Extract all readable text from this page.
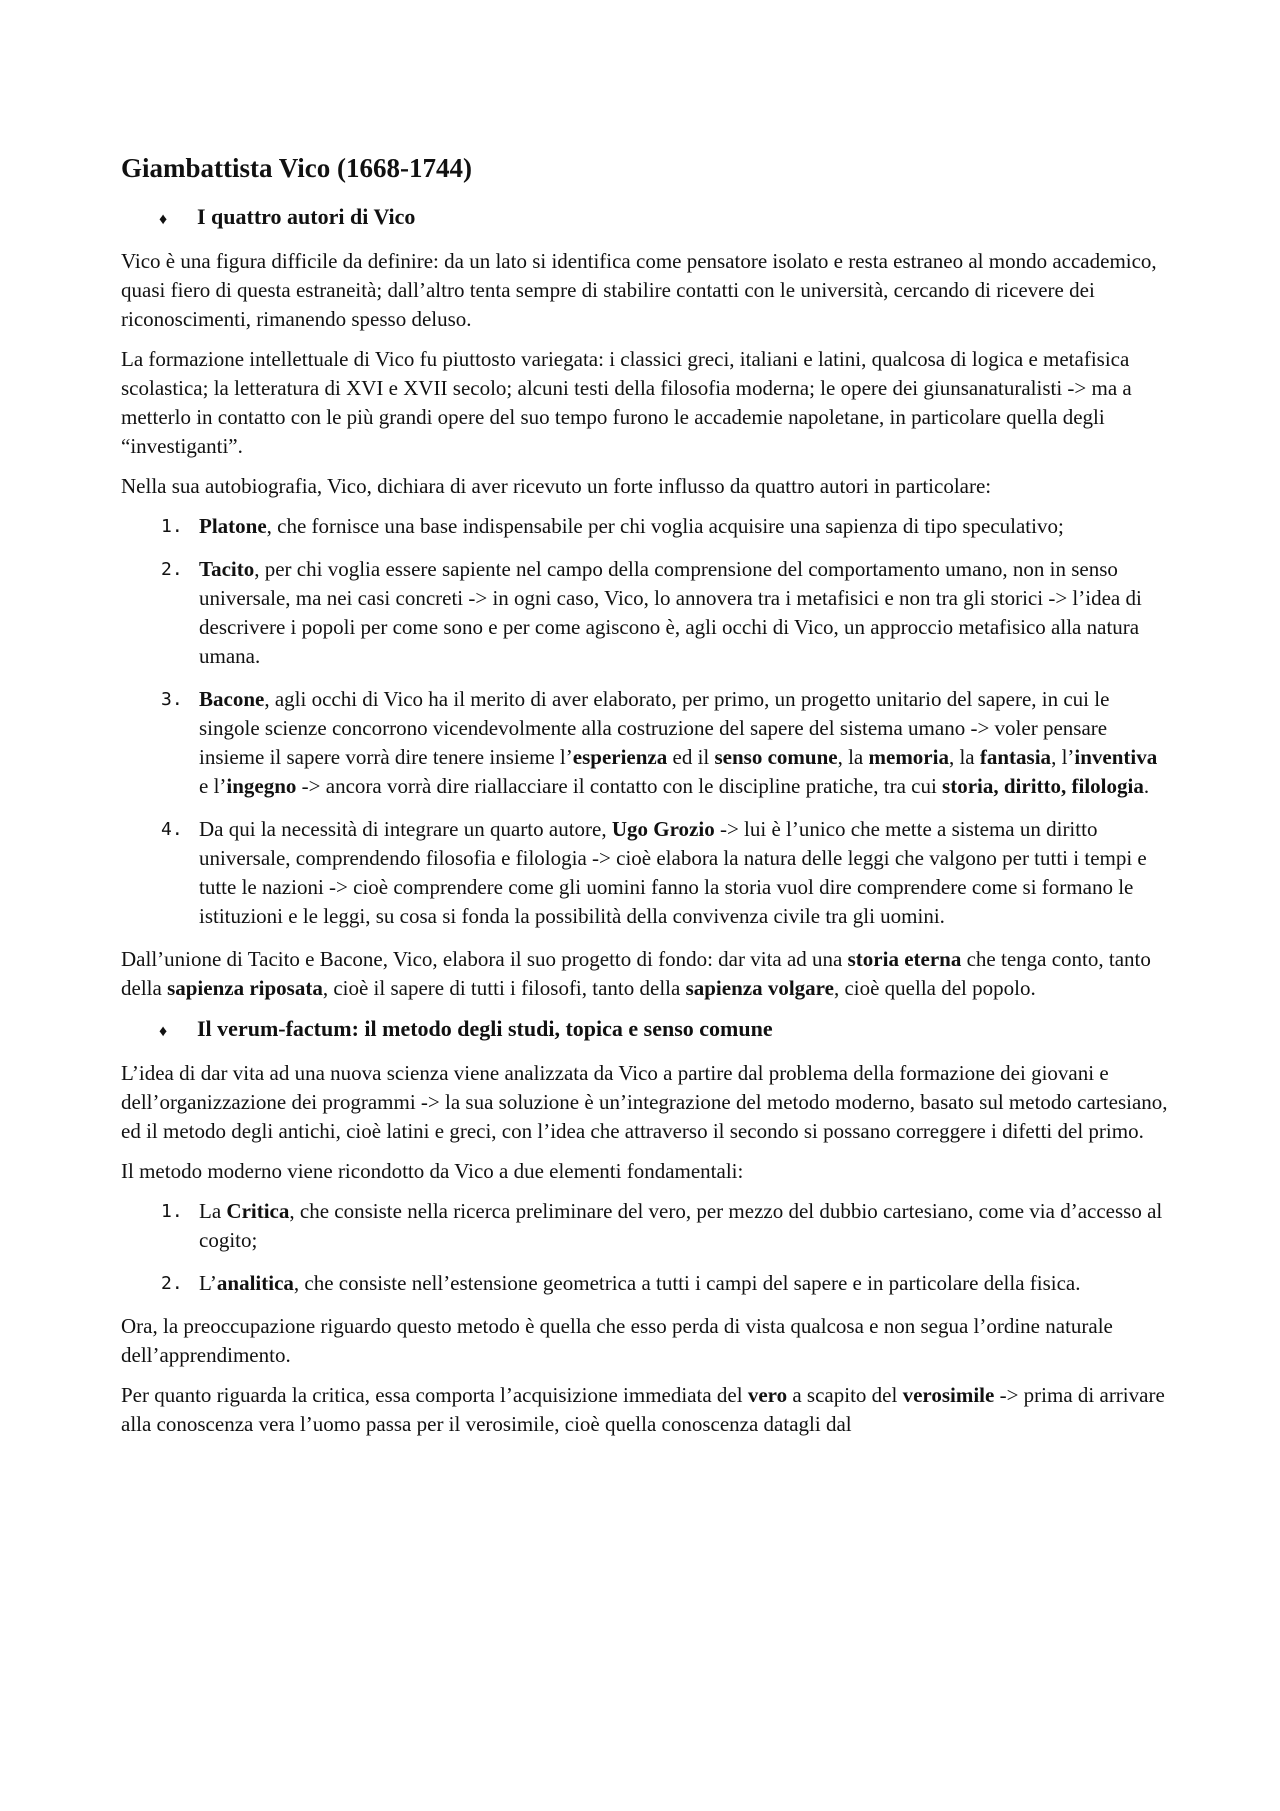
Giambattista Vico (1668-1744)
♦	I quattro autori di Vico

Vico è una figura difficile da definire: da un lato si identifica come pensatore isolato e resta estraneo al mondo accademico, quasi fiero di questa estraneità; dall’altro tenta sempre di stabilire contatti con le università, cercando di ricevere dei riconoscimenti, rimanendo spesso deluso.

La formazione intellettuale di Vico fu piuttosto variegata: i classici greci, italiani e latini, qualcosa di logica e metafisica scolastica; la letteratura di XVI e XVII secolo; alcuni testi della filosofia moderna; le opere dei giunsanaturalisti -> ma a metterlo in contatto con le più grandi opere del suo tempo furono le accademie napoletane, in particolare quella degli “investiganti”.

Nella sua autobiografia, Vico, dichiara di aver ricevuto un forte influsso da quattro autori in particolare:

1. Platone, che fornisce una base indispensabile per chi voglia acquisire una sapienza di tipo speculativo;
2. Tacito, per chi voglia essere sapiente nel campo della comprensione del comportamento umano, non in senso universale, ma nei casi concreti -> in ogni caso, Vico, lo annovera tra i metafisici e non tra gli storici -> l’idea di descrivere i popoli per come sono e per come agiscono è, agli occhi di Vico, un approccio metafisico alla natura umana.
3. Bacone, agli occhi di Vico ha il merito di aver elaborato, per primo, un progetto unitario del sapere, in cui le singole scienze concorrono vicendevolmente alla costruzione del sapere del sistema umano -> voler pensare insieme il sapere vorrà dire tenere insieme l’esperienza ed il senso comune, la memoria, la fantasia, l’inventiva e l’ingegno -> ancora vorrà dire riallacciare il contatto con le discipline pratiche, tra cui storia, diritto, filologia.
4. Da qui la necessità di integrare un quarto autore, Ugo Grozio -> lui è l’unico che mette a sistema un diritto universale, comprendendo filosofia e filologia -> cioè elabora la natura delle leggi che valgono per tutti i tempi e tutte le nazioni -> cioè comprendere come gli uomini fanno la storia vuol dire comprendere come si formano le istituzioni e le leggi, su cosa si fonda la possibilità della convivenza civile tra gli uomini.

Dall’unione di Tacito e Bacone, Vico, elabora il suo progetto di fondo: dar vita ad una storia eterna che tenga conto, tanto della sapienza riposata, cioè il sapere di tutti i filosofi, tanto della sapienza volgare, cioè quella del popolo.

♦	Il verum-factum: il metodo degli studi, topica e senso comune

L’idea di dar vita ad una nuova scienza viene analizzata da Vico a partire dal problema della formazione dei giovani e dell’organizzazione dei programmi -> la sua soluzione è un’integrazione del metodo moderno, basato sul metodo cartesiano, ed il metodo degli antichi, cioè latini e greci, con l’idea che attraverso il secondo si possano correggere i difetti del primo.

Il metodo moderno viene ricondotto da Vico a due elementi fondamentali:

1. La Critica, che consiste nella ricerca preliminare del vero, per mezzo del dubbio cartesiano, come via d’accesso al cogito;
2. L’analitica, che consiste nell’estensione geometrica a tutti i campi del sapere e in particolare della fisica.

Ora, la preoccupazione riguardo questo metodo è quella che esso perda di vista qualcosa e non segua l’ordine naturale dell’apprendimento.

Per quanto riguarda la critica, essa comporta l’acquisizione immediata del vero a scapito del verosimile -> prima di arrivare alla conoscenza vera l’uomo passa per il verosimile, cioè quella conoscenza datagli dal
